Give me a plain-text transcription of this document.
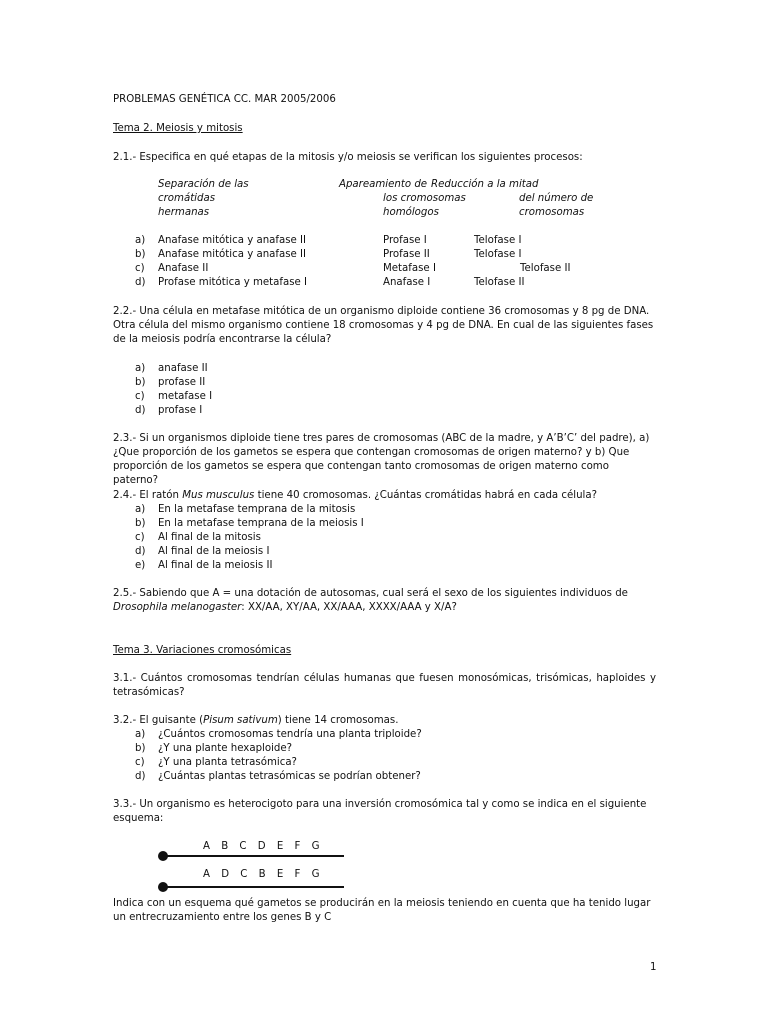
PROBLEMAS GENÉTICA CC. MAR 2005/2006
Tema 2. Meiosis y mitosis
2.1.- Especifica en qué etapas de la mitosis y/o meiosis se verifican los siguientes procesos:
Separación de las
cromátidas
hermanas
Apareamiento de
los cromosomas
homólogos
Reducción a la mitad
del número de
cromosomas
a)	Anafase mitótica y anafase II	Profase I	Telofase I
b)	Anafase mitótica y anafase II	Profase II	Telofase I
c)	Anafase II	Metafase I	Telofase II
d)	Profase mitótica y metafase I	Anafase I	Telofase II
2.2.- Una célula en metafase mitótica de un organismo diploide contiene 36 cromosomas y 8 pg de DNA. Otra célula del mismo organismo contiene 18 cromosomas y 4 pg de DNA. En cual de las siguientes fases de la meiosis podría encontrarse la célula?
a)	anafase II
b)	profase II
c)	metafase I
d)	profase I
2.3.- Si un organismos diploide tiene tres pares de cromosomas (ABC de la madre, y A’B’C’ del padre), a) ¿Que proporción de los gametos se espera que contengan cromosomas de origen materno? y b) Que proporción de los gametos se espera que contengan tanto cromosomas de origen materno como paterno?
2.4.- El ratón Mus musculus tiene 40 cromosomas. ¿Cuántas cromátidas habrá en cada célula?
a)	En la metafase temprana de la mitosis
b)	En la metafase temprana de la meiosis I
c)	Al final de la mitosis
d)	Al final de la meiosis I
e)	Al final de la meiosis II
2.5.- Sabiendo que A = una dotación de autosomas, cual será el sexo de los siguientes individuos de
Drosophila melanogaster: XX/AA, XY/AA, XX/AAA, XXXX/AAA y X/A?
Tema 3. Variaciones cromosómicas
3.1.- Cuántos cromosomas tendrían células humanas que fuesen monosómicas, trisómicas, haploides y tetrasómicas?
3.2.- El guisante (Pisum sativum) tiene 14 cromosomas.
a)	¿Cuántos cromosomas tendría una planta triploide?
b)	¿Y una plante hexaploide?
c)	¿Y una planta tetrasómica?
d)	¿Cuántas plantas tetrasómicas se podrían obtener?
3.3.- Un organismo es heterocigoto para una inversión cromosómica tal y como se indica en el siguiente esquema:
A B C D E F G
A D C B E F G
Indica con un esquema qué gametos se producirán en la meiosis teniendo en cuenta que ha tenido lugar un entrecruzamiento entre los genes B y C
1
